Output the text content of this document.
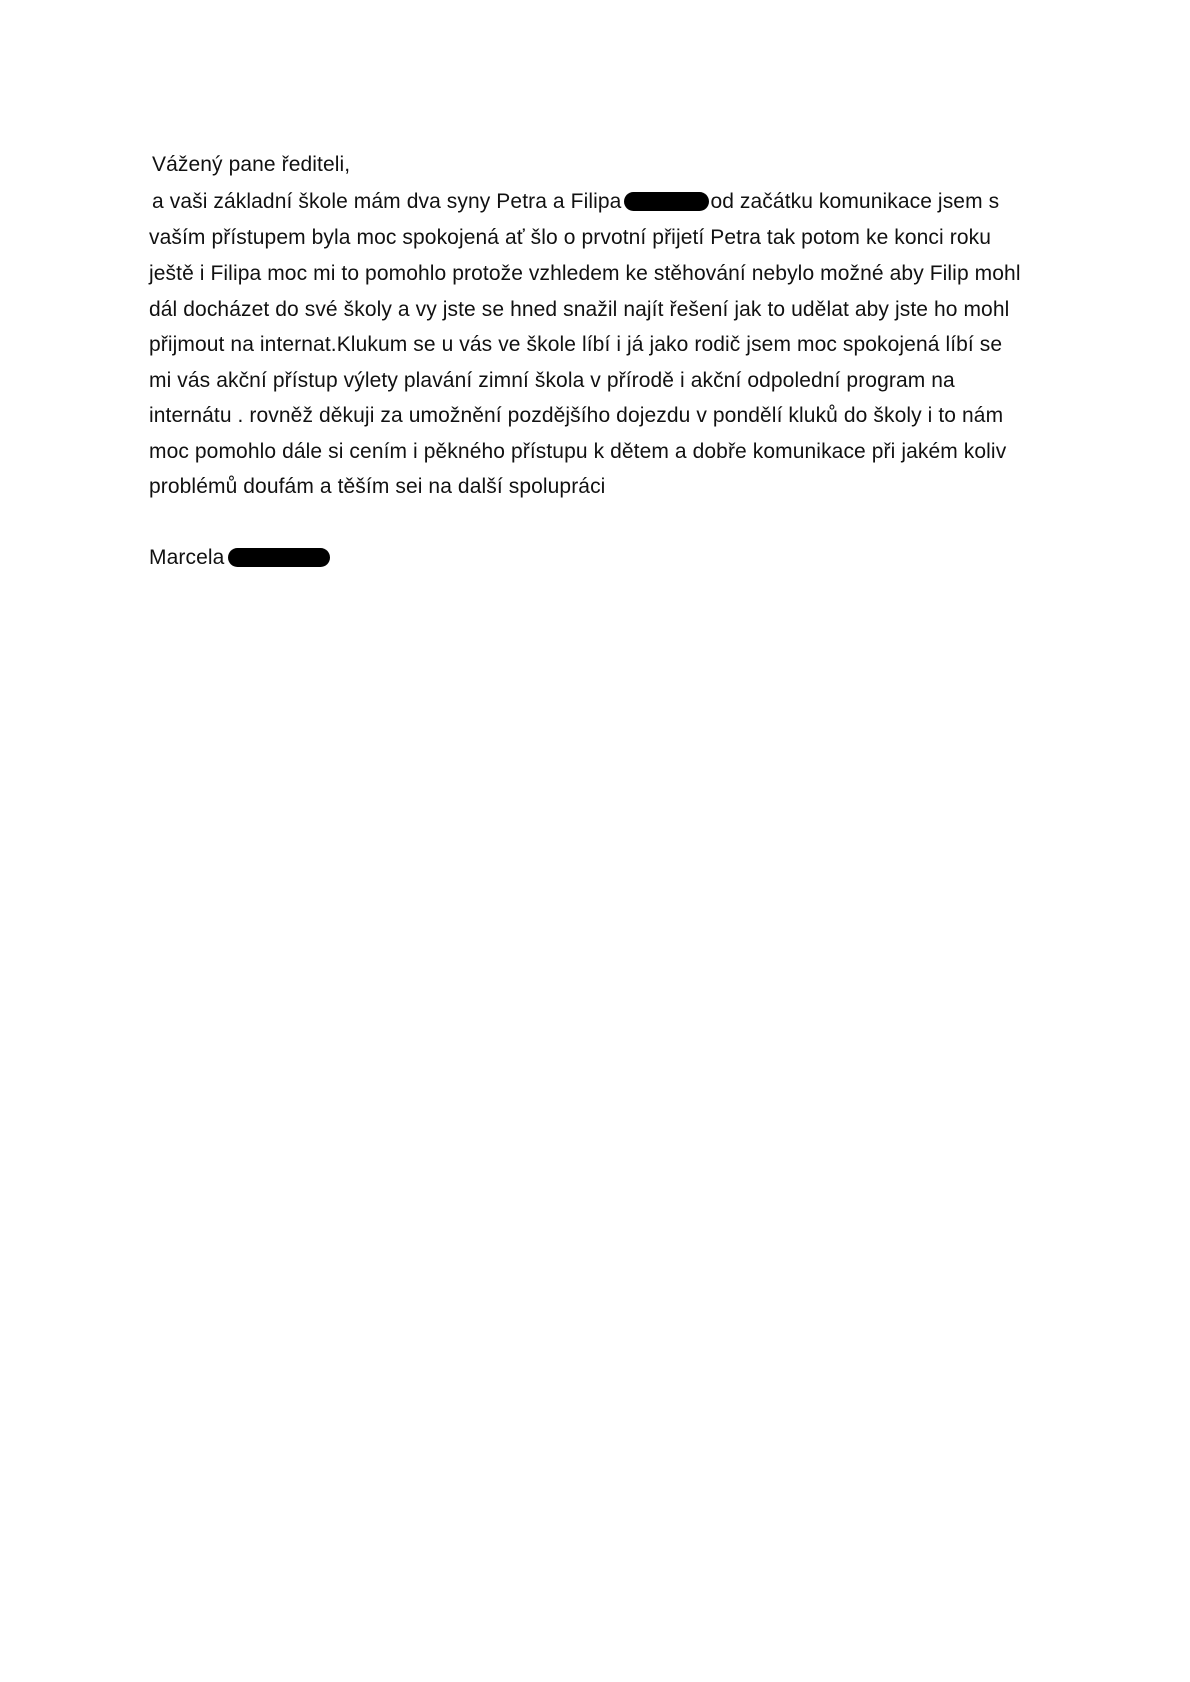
Vážený pane řediteli,
a vaši základní škole mám dva syny Petra a Filipa	od začátku komunikace jsem s
vaším přístupem byla moc spokojená ať šlo o prvotní přijetí Petra tak potom ke konci roku
ještě i Filipa moc mi to pomohlo protože vzhledem ke stěhování nebylo možné aby Filip mohl
dál docházet do své školy a vy jste se hned snažil najít řešení jak to udělat aby jste ho mohl
přijmout na internat.Klukum se u vás ve škole líbí i já jako rodič jsem moc spokojená líbí se
mi vás akční přístup výlety plavání zimní škola v přírodě i akční odpolední program na
internátu . rovněž děkuji za umožnění pozdějšího dojezdu v pondělí kluků do školy i to nám
moc pomohlo dále si cením i pěkného přístupu k dětem a dobře komunikace při jakém koliv
problémů doufám a těším sei na další spolupráci
Marcela
